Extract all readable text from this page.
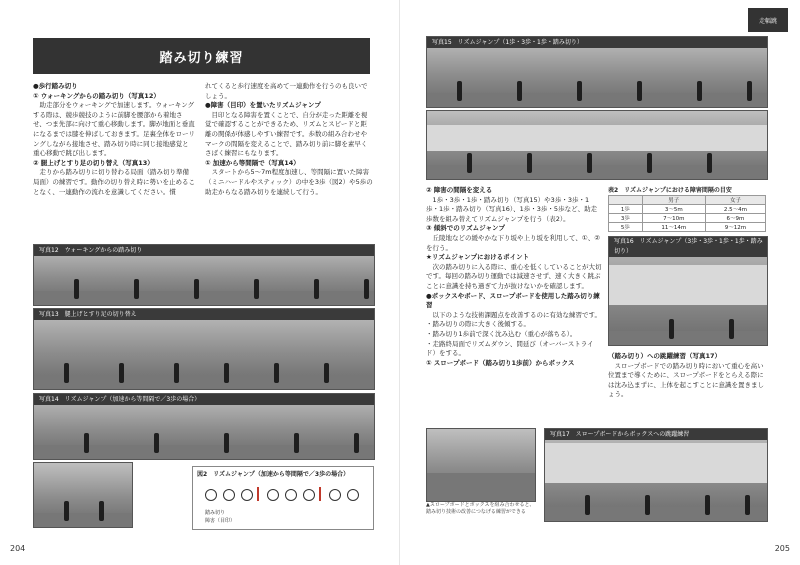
踏み切り練習

●歩行踏み切り

① ウォーキングからの踏み切り（写真12）

　助走部分をウォーキングで加速します。ウォーキングする際は、競歩競技のように前脚を腰部から着地させ、つま先部に向けて重心移動します。脚が地面と垂直になるまでは膝を伸ばしておきます。足裏全体をローリングしながら接地させ、踏み切り時に同じ接地感覚と重心移動で跳び出します。

② 腿上げとすり足の切り替え（写真13）

　走りから踏み切りに切り替わる局面（踏み切り準備局面）の練習です。動作の切り替え時に勢いを止めることなく、一連動作の流れを意識してください。慣

れてくると歩行速度を高めて一連動作を行うのも良いでしょう。

●障害（目印）を置いたリズムジャンプ

　目印となる障害を置くことで、自分が走った距離を視覚で確認することができるため、リズムとスピードと距離の関係が体感しやすい練習です。歩数の組み合わせやマークの間隔を変えることで、踏み切り前に脚を素早くさばく練習にもなります。

① 加速から等間隔で（写真14）

　スタートから5〜7m程度加速し、等間隔に置いた障害（ミニハードルやスティック）の中を3歩（図2）や5歩の助走からなる踏み切りを連続して行う。

写真12　ウォーキングからの踏み切り
写真13　腿上げとすり足の切り替え
写真14　リズムジャンプ（加速から等間隔で／3歩の場合）
図2　リズムジャンプ（加速から等間隔で／3歩の場合）
踏み切り
障害（目印）
204
走幅跳
写真15　リズムジャンプ（1歩・3歩・1歩・踏み切り）

② 障害の間隔を変える

　1歩・3歩・1歩・踏み切り（写真15）や3歩・3歩・1歩・1歩・踏み切り（写真16）、1歩・3歩・5歩など、助走歩数を組み替えてリズムジャンプを行う（表2）。

③ 傾斜でのリズムジャンプ

　丘陵地などの緩やかな下り坂や上り坂を利用して、①、②を行う。

★リズムジャンプにおけるポイント

　次の踏み切りに入る際に、重心を低くしていることが大切です。毎回の踏み切り運動では減速させず、速く大きく跳ぶことに意識を持ち過ぎて力が抜けないかを確認します。

●ボックスやボード、スロープボードを使用した踏み切り練習

　以下のような技術課題点を改善するのに有効な練習です。

・踏み切りの際に大きく後傾する。

・踏み切り1歩前で深く沈み込む（重心が落ちる）。

・走路終局面でリズムダウン、間延び（オーバーストライド）をする。

① スロープボード（踏み切り1歩前）からボックス

表2　リズムジャンプにおける障害間隔の目安
	男子	女子
1歩	3〜5m	2.5〜4m
3歩	7〜10m	6〜9m
5歩	11〜14m	9〜12m
写真16　リズムジャンプ（3歩・3歩・1歩・1歩・踏み切り）

（踏み切り）への跳躍練習（写真17）

　スロープボードでの踏み切り時において重心を高い位置まで導くために、スロープボードをとらえる際には沈み込まずに、上体を起こすことに意識を置きましょう。

▲スロープボードとボックスを組み合わせると、踏み切り技術の改善につなげる練習ができる
写真17　スロープボードからボックスへの跳躍練習
205
